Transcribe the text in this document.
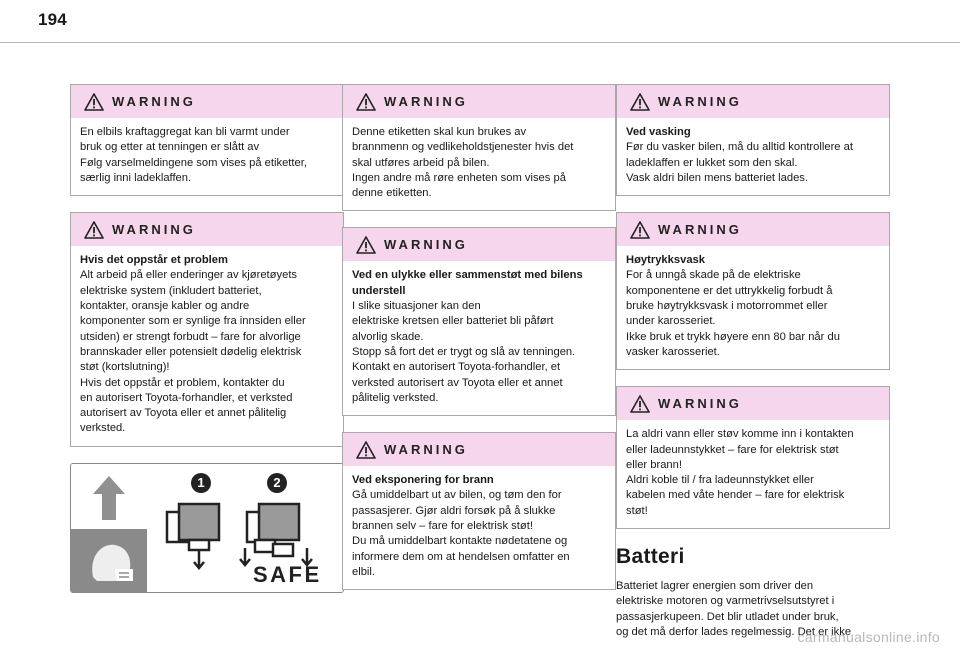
194
WARNING
En elbils kraftaggregat kan bli varmt under
bruk og etter at tenningen er slått av
Følg varselmeldingene som vises på etiketter,
særlig inni ladeklaffen.
WARNING
Hvis det oppstår et problem
Alt arbeid på eller enderinger av kjøretøyets
elektriske system (inkludert batteriet,
kontakter, oransje kabler og andre
komponenter som er synlige fra innsiden eller
utsiden) er strengt forbudt – fare for alvorlige
brannskader eller potensielt dødelig elektrisk
støt (kortslutning)!
Hvis det oppstår et problem, kontakter du
en autorisert Toyota-forhandler, et verksted
autorisert av Toyota eller et annet pålitelig
verksted.
1	2
SAFE
WARNING
Denne etiketten skal kun brukes av
brannmenn og vedlikeholdstjenester hvis det
skal utføres arbeid på bilen.
Ingen andre må røre enheten som vises på
denne etiketten.
WARNING
Ved en ulykke eller sammenstøt med bilens understell
I slike situasjoner kan den
elektriske kretsen eller batteriet bli påført
alvorlig skade.
Stopp så fort det er trygt og slå av tenningen.
Kontakt en autorisert Toyota-forhandler, et
verksted autorisert av Toyota eller et annet
pålitelig verksted.
WARNING
Ved eksponering for brann
Gå umiddelbart ut av bilen, og tøm den for
passasjerer. Gjør aldri forsøk på å slukke
brannen selv – fare for elektrisk støt!
Du må umiddelbart kontakte nødetatene og
informere dem om at hendelsen omfatter en
elbil.
WARNING
Ved vasking
Før du vasker bilen, må du alltid kontrollere at
ladeklaffen er lukket som den skal.
Vask aldri bilen mens batteriet lades.
WARNING
Høytrykksvask
For å unngå skade på de elektriske
komponentene er det uttrykkelig forbudt å
bruke høytrykksvask i motorrommet eller
under karosseriet.
Ikke bruk et trykk høyere enn 80 bar når du
vasker karosseriet.
WARNING
La aldri vann eller støv komme inn i kontakten
eller ladeunnstykket – fare for elektrisk støt
eller brann!
Aldri koble til / fra ladeunnstykket eller
kabelen med våte hender – fare for elektrisk
støt!
Batteri
Batteriet lagrer energien som driver den
elektriske motoren og varmetrivselsutstyret i
passasjerkupeen. Det blir utladet under bruk,
og det må derfor lades regelmessig. Det er ikke
carmanualsonline.info
